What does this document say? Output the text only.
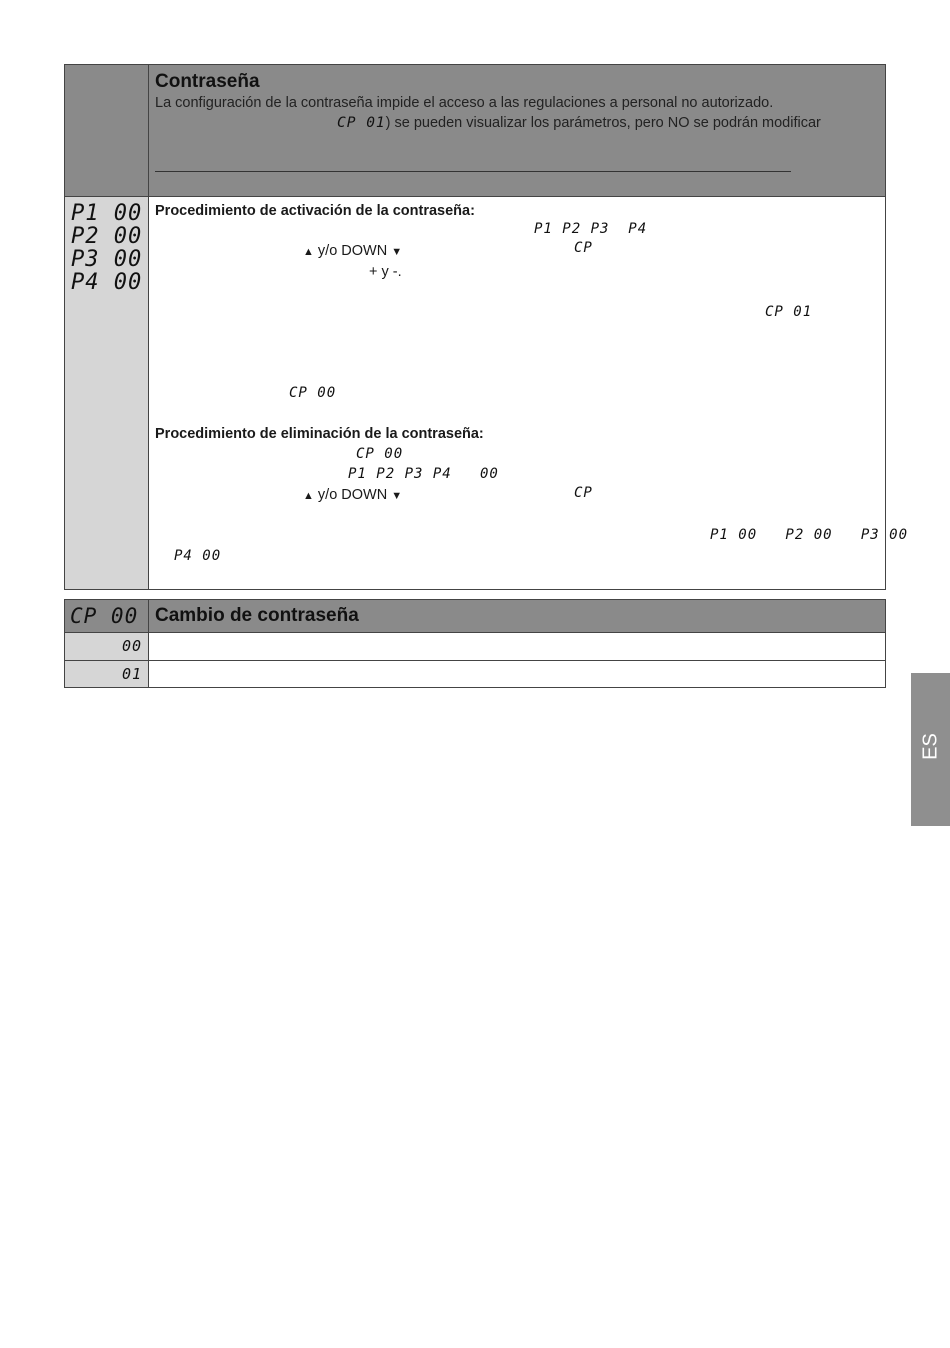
Contraseña
La configuración de la contraseña impide el acceso a las regulaciones a personal no autorizado.
CP 01) se pueden visualizar los parámetros, pero NO se podrán modificar
P1 00
P2 00
P3 00
P4 00
Procedimiento de activación de la contraseña:
P1 P2 P3  P4
▲ y/o DOWN ▼	CP
+ y -.
CP 01
CP 00
Procedimiento de eliminación de la contraseña:
CP 00
P1 P2 P3 P4   00
▲ y/o DOWN ▼	CP
P1 00   P2 00   P3 00
P4 00
CP 00 Cambio de contraseña
00
01
ES
